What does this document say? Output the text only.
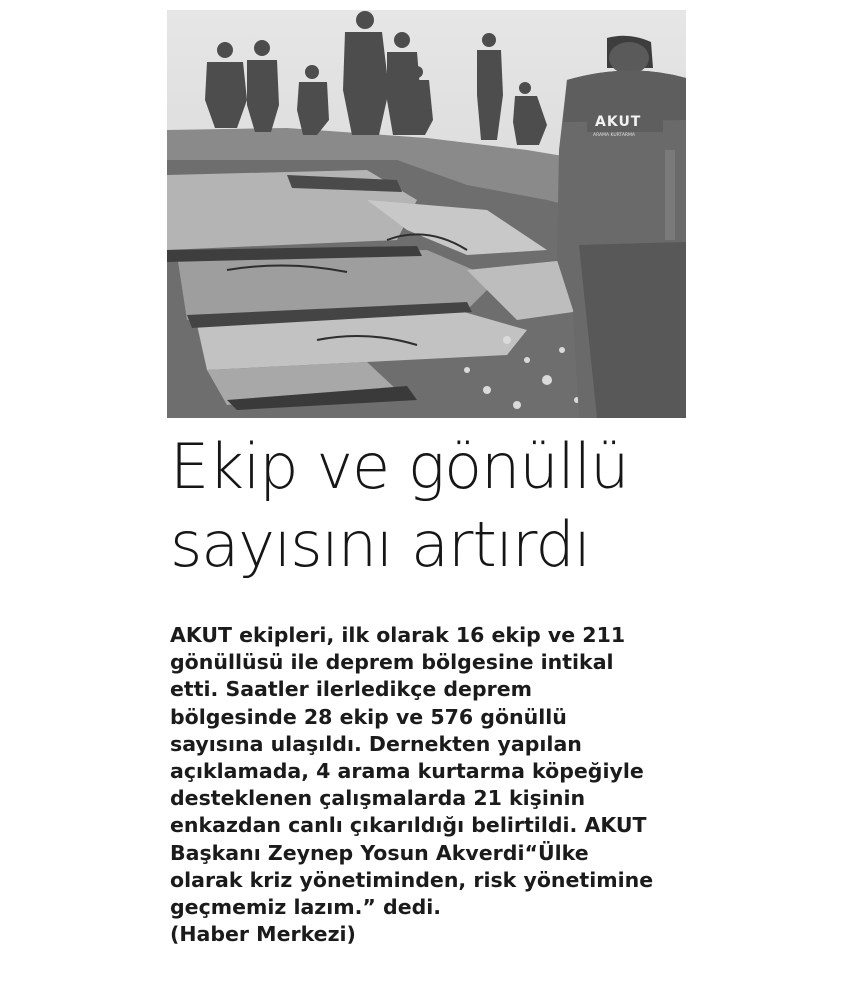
AKUT
ARAMA KURTARMA
Ekip ve gönüllü
sayısını artırdı
AKUT ekipleri, ilk olarak 16 ekip ve 211
gönüllüsü ile deprem bölgesine intikal
etti. Saatler ilerledikçe deprem
bölgesinde 28 ekip ve 576 gönüllü
sayısına ulaşıldı. Dernekten yapılan
açıklamada, 4 arama kurtarma köpeğiyle
desteklenen çalışmalarda 21 kişinin
enkazdan canlı çıkarıldığı belirtildi. AKUT
Başkanı Zeynep Yosun Akverdi“Ülke
olarak kriz yönetiminden, risk yönetimine
geçmemiz lazım.” dedi.
(Haber Merkezi)
